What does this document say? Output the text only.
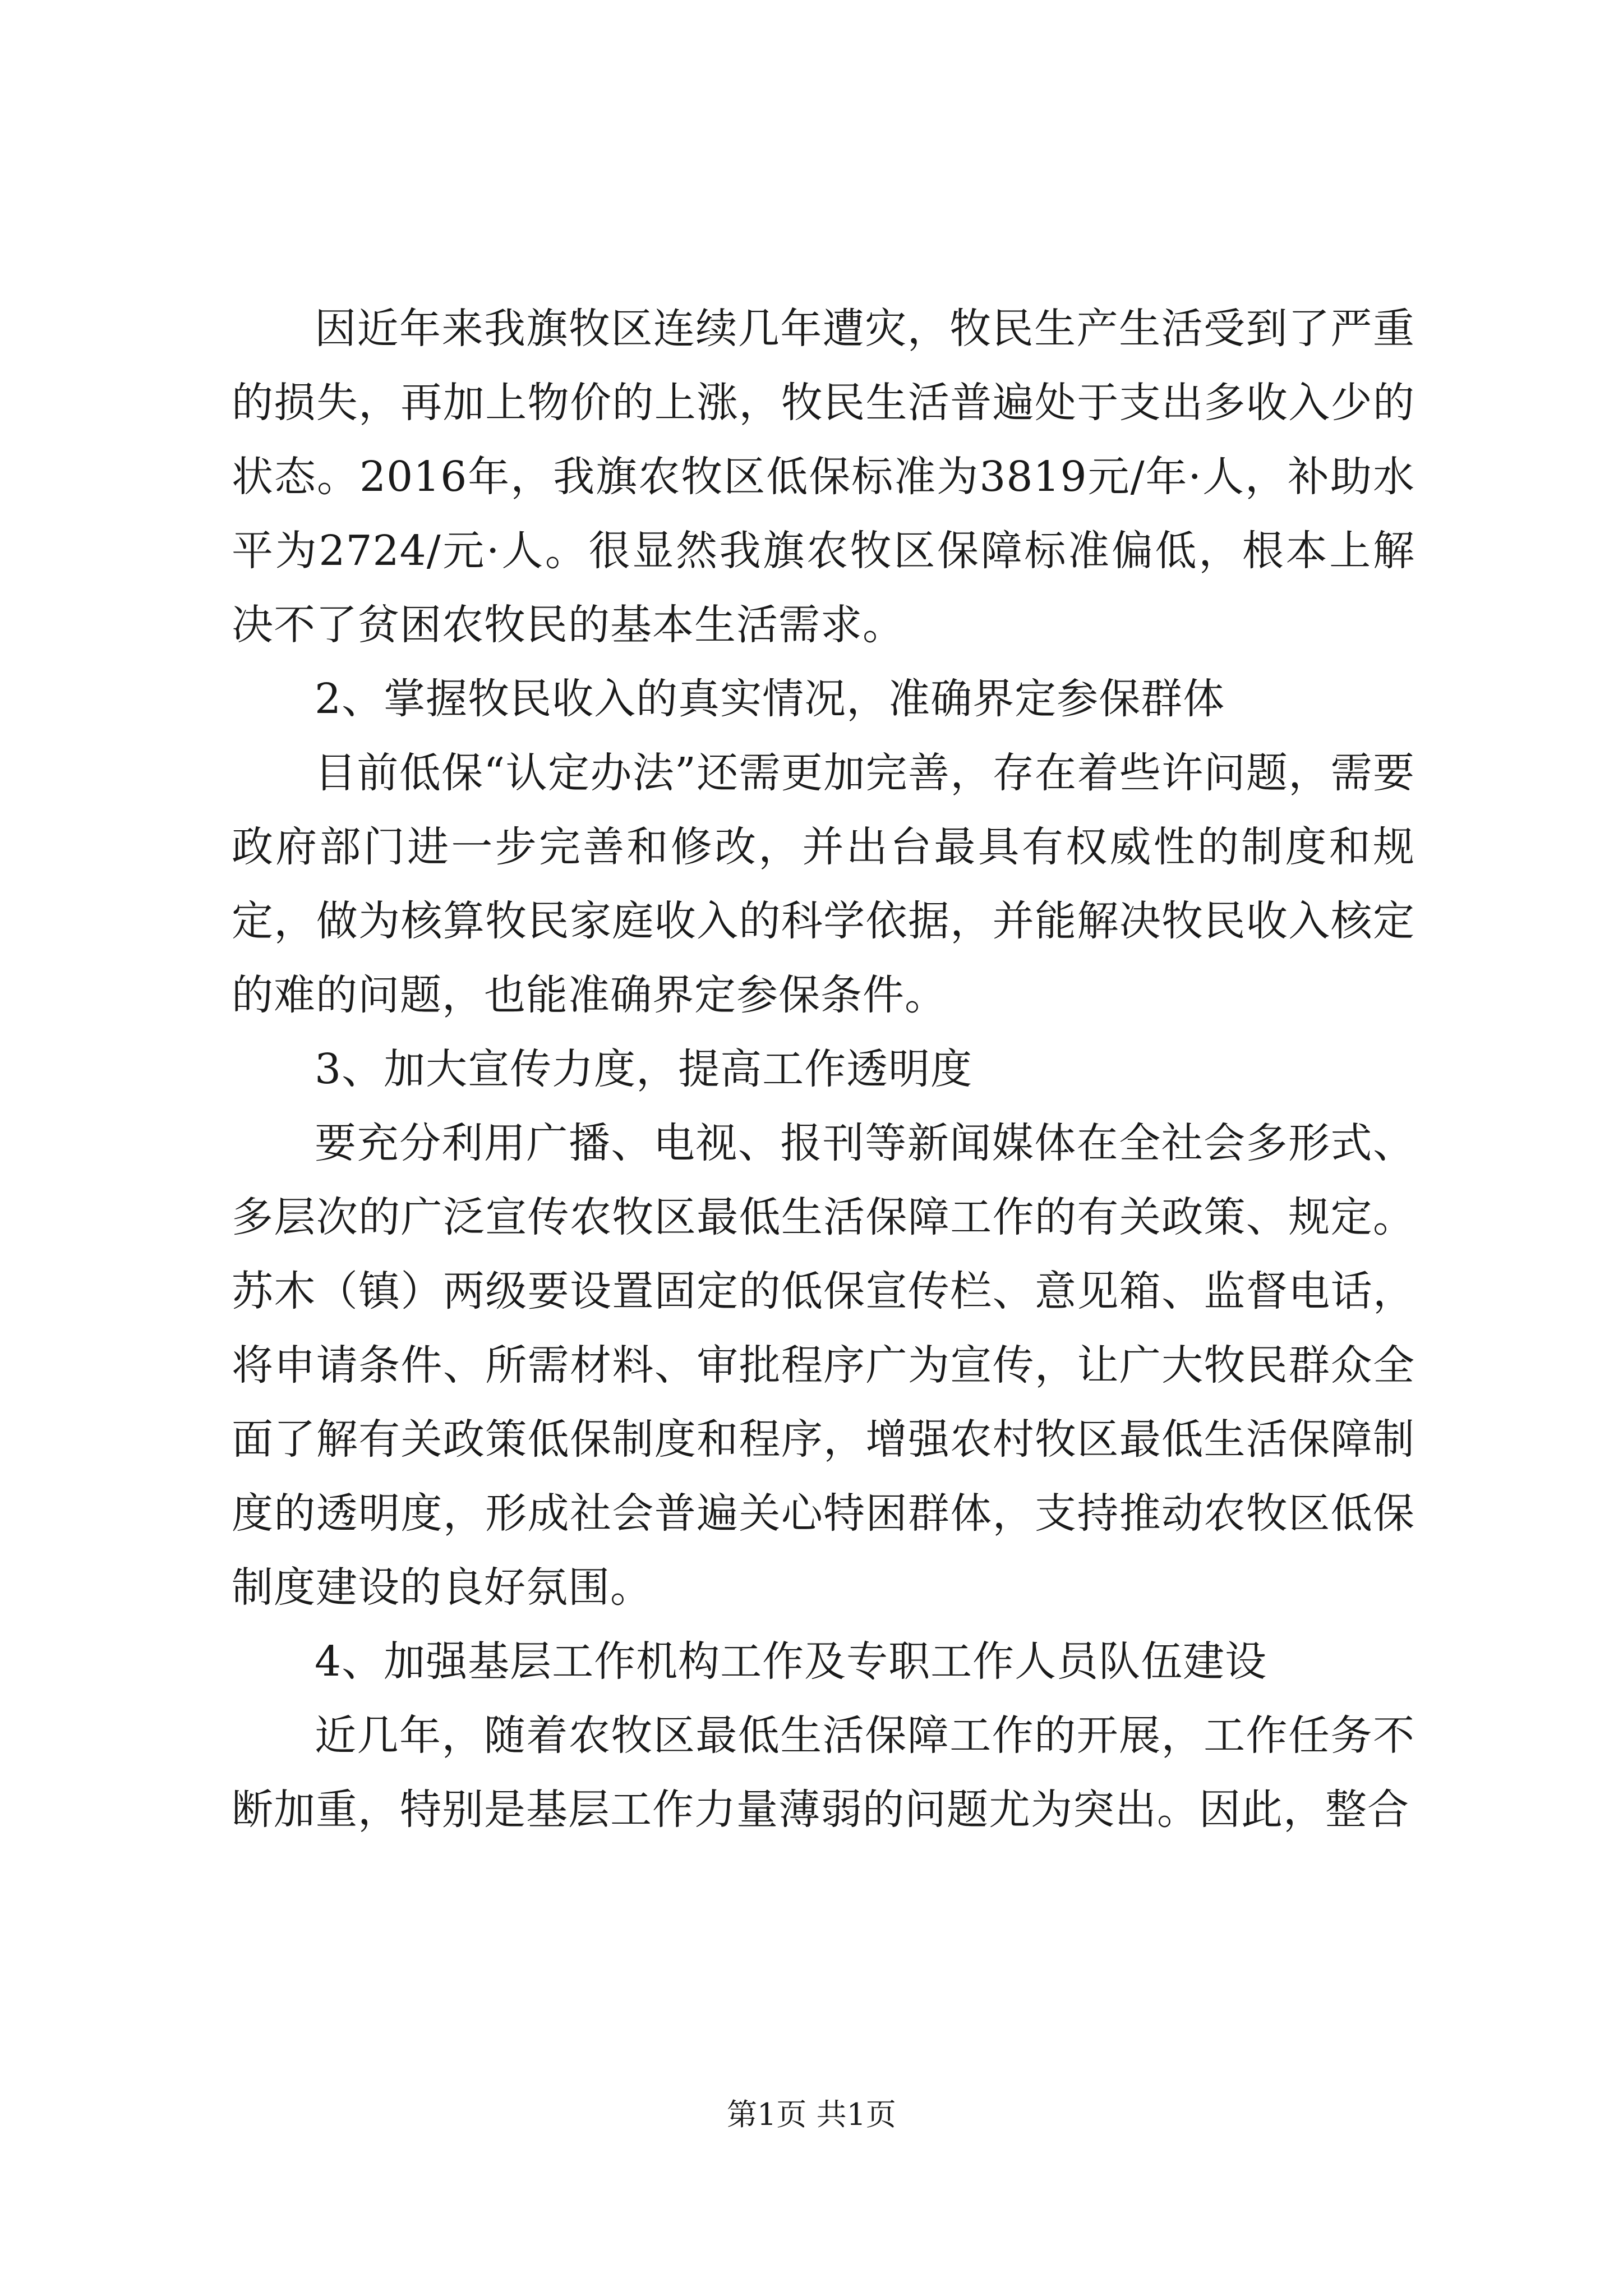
因近年来我旗牧区连续几年遭灾，牧民生产生活受到了严重的损失，再加上物价的上涨，牧民生活普遍处于支出多收入少的状态。2016年，我旗农牧区低保标准为3819元/年·人，补助水平为2724/元·人。很显然我旗农牧区保障标准偏低，根本上解决不了贫困农牧民的基本生活需求。

2、掌握牧民收入的真实情况，准确界定参保群体

目前低保“认定办法”还需更加完善，存在着些许问题，需要政府部门进一步完善和修改，并出台最具有权威性的制度和规定，做为核算牧民家庭收入的科学依据，并能解决牧民收入核定的难的问题，也能准确界定参保条件。

3、加大宣传力度，提高工作透明度

要充分利用广播、电视、报刊等新闻媒体在全社会多形式、多层次的广泛宣传农牧区最低生活保障工作的有关政策、规定。苏木（镇）两级要设置固定的低保宣传栏、意见箱、监督电话，将申请条件、所需材料、审批程序广为宣传，让广大牧民群众全面了解有关政策低保制度和程序，增强农村牧区最低生活保障制度的透明度，形成社会普遍关心特困群体，支持推动农牧区低保制度建设的良好氛围。

4、加强基层工作机构工作及专职工作人员队伍建设

近几年，随着农牧区最低生活保障工作的开展，工作任务不断加重，特别是基层工作力量薄弱的问题尤为突出。因此，整合

第1页 共1页
